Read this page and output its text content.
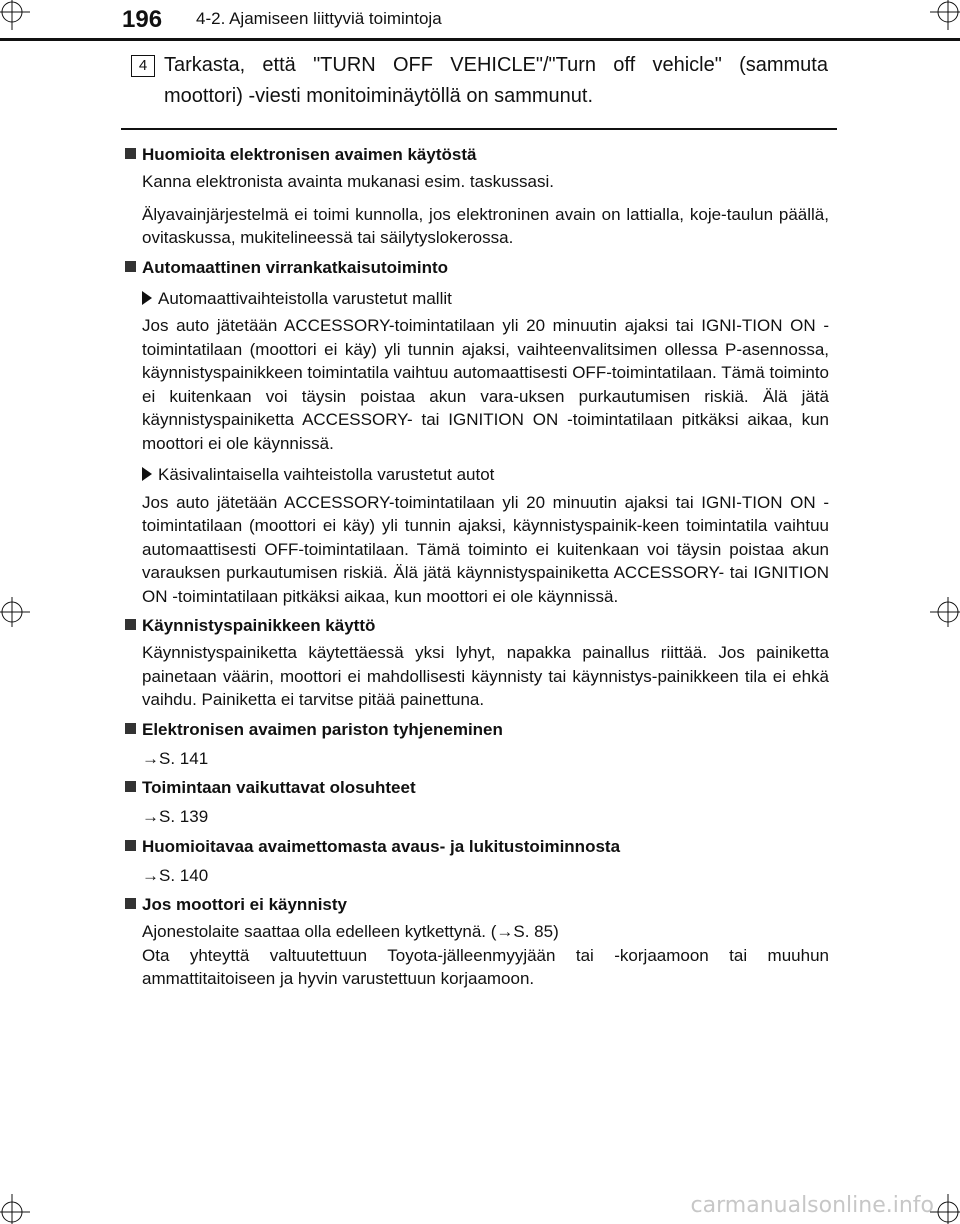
196 4-2. Ajamiseen liittyviä toimintoja
4 Tarkasta, että "TURN OFF VEHICLE"/"Turn off vehicle" (sammuta moottori) -viesti monitoiminäytöllä on sammunut.
Huomioita elektronisen avaimen käytöstä
Kanna elektronista avainta mukanasi esim. taskussasi.
Älyavainjärjestelmä ei toimi kunnolla, jos elektroninen avain on lattialla, koje-taulun päällä, ovitaskussa, mukitelineessä tai säilytyslokerossa.
Automaattinen virrankatkaisutoiminto
Automaattivaihteistolla varustetut mallit
Jos auto jätetään ACCESSORY-toimintatilaan yli 20 minuutin ajaksi tai IGNI-TION ON -toimintatilaan (moottori ei käy) yli tunnin ajaksi, vaihteenvalitsimen ollessa P-asennossa, käynnistyspainikkeen toimintatila vaihtuu automaattisesti OFF-toimintatilaan. Tämä toiminto ei kuitenkaan voi täysin poistaa akun vara-uksen purkautumisen riskiä. Älä jätä käynnistyspainiketta ACCESSORY- tai IGNITION ON -toimintatilaan pitkäksi aikaa, kun moottori ei ole käynnissä.
Käsivalintaisella vaihteistolla varustetut autot
Jos auto jätetään ACCESSORY-toimintatilaan yli 20 minuutin ajaksi tai IGNI-TION ON -toimintatilaan (moottori ei käy) yli tunnin ajaksi, käynnistyspainik-keen toimintatila vaihtuu automaattisesti OFF-toimintatilaan. Tämä toiminto ei kuitenkaan voi täysin poistaa akun varauksen purkautumisen riskiä. Älä jätä käynnistyspainiketta ACCESSORY- tai IGNITION ON -toimintatilaan pitkäksi aikaa, kun moottori ei ole käynnissä.
Käynnistyspainikkeen käyttö
Käynnistyspainiketta käytettäessä yksi lyhyt, napakka painallus riittää. Jos painiketta painetaan väärin, moottori ei mahdollisesti käynnisty tai käynnistys-painikkeen tila ei ehkä vaihdu. Painiketta ei tarvitse pitää painettuna.
Elektronisen avaimen pariston tyhjeneminen
→S. 141
Toimintaan vaikuttavat olosuhteet
→S. 139
Huomioitavaa avaimettomasta avaus- ja lukitustoiminnosta
→S. 140
Jos moottori ei käynnisty
Ajonestolaite saattaa olla edelleen kytkettynä. (→S. 85)
Ota yhteyttä valtuutettuun Toyota-jälleenmyyjään tai -korjaamoon tai muuhun ammattitaitoiseen ja hyvin varustettuun korjaamoon.
carmanualsonline.info
